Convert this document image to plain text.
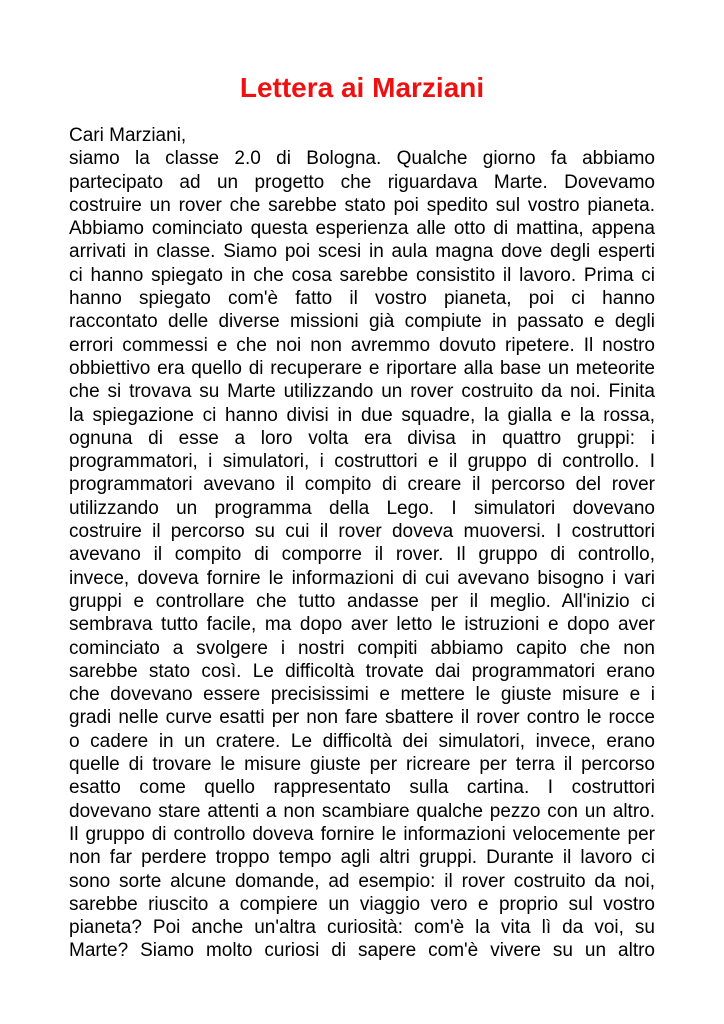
Lettera ai Marziani
Cari Marziani,
siamo la classe 2.0 di Bologna. Qualche giorno fa abbiamo
partecipato ad un progetto che riguardava Marte. Dovevamo
costruire un rover che sarebbe stato poi spedito sul vostro pianeta.
Abbiamo cominciato questa esperienza alle otto di mattina, appena
arrivati in classe. Siamo poi scesi in aula magna dove degli esperti
ci hanno spiegato in che cosa sarebbe consistito il lavoro. Prima ci
hanno spiegato com'è fatto il vostro pianeta, poi ci hanno
raccontato delle diverse missioni già compiute in passato e degli
errori commessi e che noi non avremmo dovuto ripetere. Il nostro
obbiettivo era quello di recuperare e riportare alla base un meteorite
che si trovava su Marte utilizzando un rover costruito da noi. Finita
la spiegazione ci hanno divisi in due squadre, la gialla e la rossa,
ognuna di esse a loro volta era divisa in quattro gruppi: i
programmatori, i simulatori, i costruttori e il gruppo di controllo. I
programmatori avevano il compito di creare il percorso del rover
utilizzando un programma della Lego. I simulatori dovevano
costruire il percorso su cui il rover doveva muoversi. I costruttori
avevano il compito di comporre il rover. Il gruppo di controllo,
invece, doveva fornire le informazioni di cui avevano bisogno i vari
gruppi e controllare che tutto andasse per il meglio. All'inizio ci
sembrava tutto facile, ma dopo aver letto le istruzioni e dopo aver
cominciato a svolgere i nostri compiti abbiamo capito che non
sarebbe stato così. Le difficoltà trovate dai programmatori erano
che dovevano essere precisissimi e mettere le giuste misure e i
gradi nelle curve esatti per non fare sbattere il rover contro le rocce
o cadere in un cratere. Le difficoltà dei simulatori, invece, erano
quelle di trovare le misure giuste per ricreare per terra il percorso
esatto come quello rappresentato sulla cartina. I costruttori
dovevano stare attenti a non scambiare qualche pezzo con un altro.
Il gruppo di controllo doveva fornire le informazioni velocemente per
non far perdere troppo tempo agli altri gruppi. Durante il lavoro ci
sono sorte alcune domande, ad esempio: il rover costruito da noi,
sarebbe riuscito a compiere un viaggio vero e proprio sul vostro
pianeta? Poi anche un'altra curiosità: com'è la vita lì da voi, su
Marte? Siamo molto curiosi di sapere com'è vivere su un altro
